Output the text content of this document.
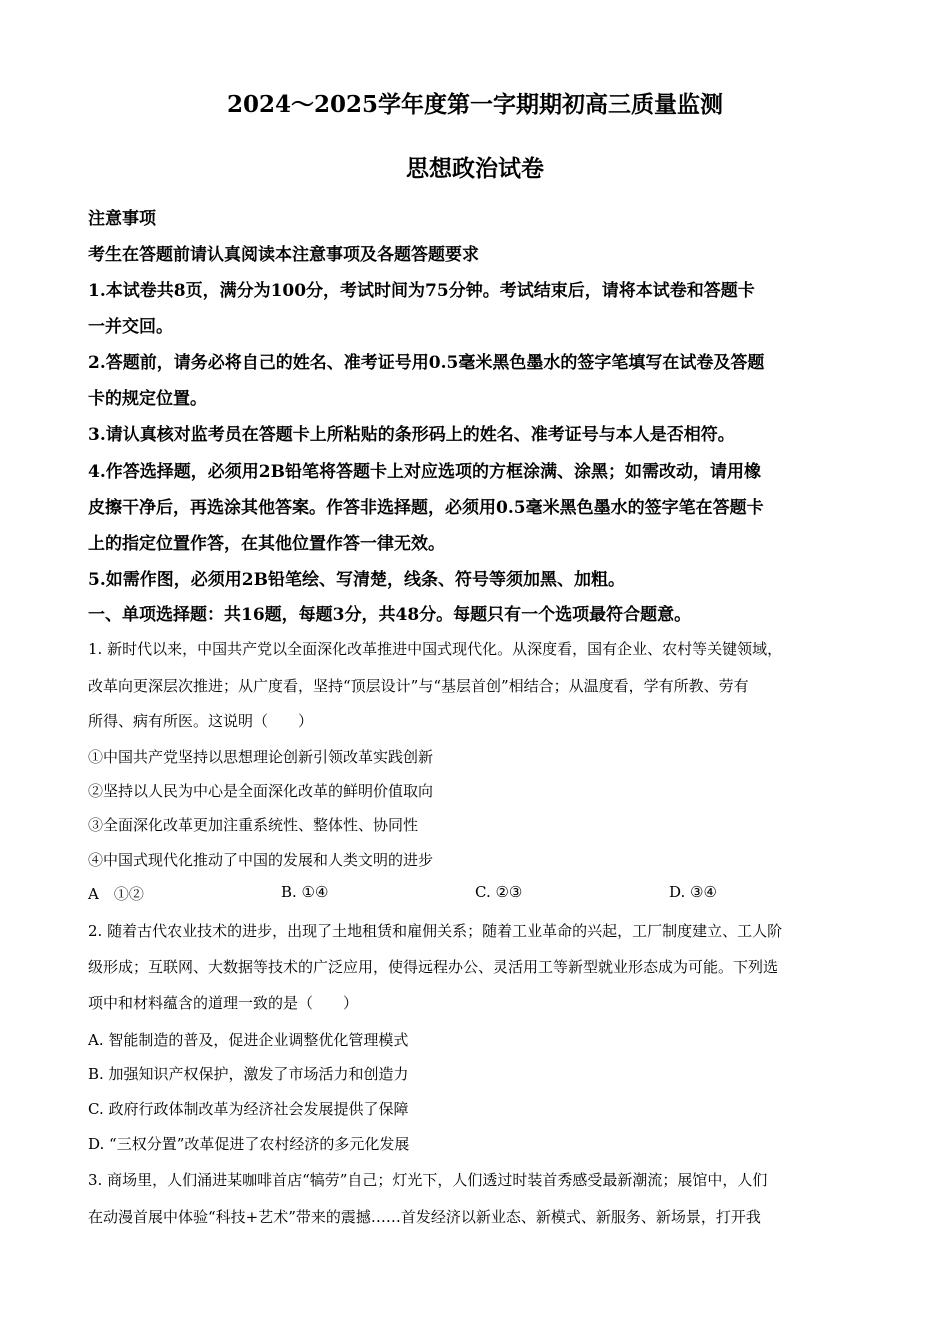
2024～2025学年度第一字期期初高三质量监测
思想政治试卷
注意事项
考生在答题前请认真阅读本注意事项及各题答题要求
1.本试卷共8页，满分为100分，考试时间为75分钟。考试结束后，请将本试卷和答题卡
一并交回。
2.答题前，请务必将自己的姓名、准考证号用0.5毫米黑色墨水的签字笔填写在试卷及答题
卡的规定位置。
3.请认真核对监考员在答题卡上所粘贴的条形码上的姓名、准考证号与本人是否相符。
4.作答选择题，必须用2B铅笔将答题卡上对应选项的方框涂满、涂黑；如需改动，请用橡
皮擦干净后，再选涂其他答案。作答非选择题，必须用0.5毫米黑色墨水的签字笔在答题卡
上的指定位置作答，在其他位置作答一律无效。
5.如需作图，必须用2B铅笔绘、写清楚，线条、符号等须加黑、加粗。
一、单项选择题：共16题，每题3分，共48分。每题只有一个选项最符合题意。
1. 新时代以来，中国共产党以全面深化改革推进中国式现代化。从深度看，国有企业、农村等关键领域，
改革向更深层次推进；从广度看，坚持“顶层设计”与“基层首创”相结合；从温度看，学有所教、劳有
所得、病有所医。这说明（　　）
①中国共产党坚持以思想理论创新引领改革实践创新
②坚持以人民为中心是全面深化改革的鲜明价值取向
③全面深化改革更加注重系统性、整体性、协同性
④中国式现代化推动了中国的发展和人类文明的进步
A　①②	B. ①④	C. ②③	D. ③④
2. 随着古代农业技术的进步，出现了土地租赁和雇佣关系；随着工业革命的兴起，工厂制度建立、工人阶
级形成；互联网、大数据等技术的广泛应用，使得远程办公、灵活用工等新型就业形态成为可能。下列选
项中和材料蕴含的道理一致的是（　　）
A. 智能制造的普及，促进企业调整优化管理模式
B. 加强知识产权保护，激发了市场活力和创造力
C. 政府行政体制改革为经济社会发展提供了保障
D. “三权分置”改革促进了农村经济的多元化发展
3. 商场里，人们涌进某咖啡首店“犒劳”自己；灯光下，人们透过时装首秀感受最新潮流；展馆中，人们
在动漫首展中体验“科技+艺术”带来的震撼……首发经济以新业态、新模式、新服务、新场景，打开我
